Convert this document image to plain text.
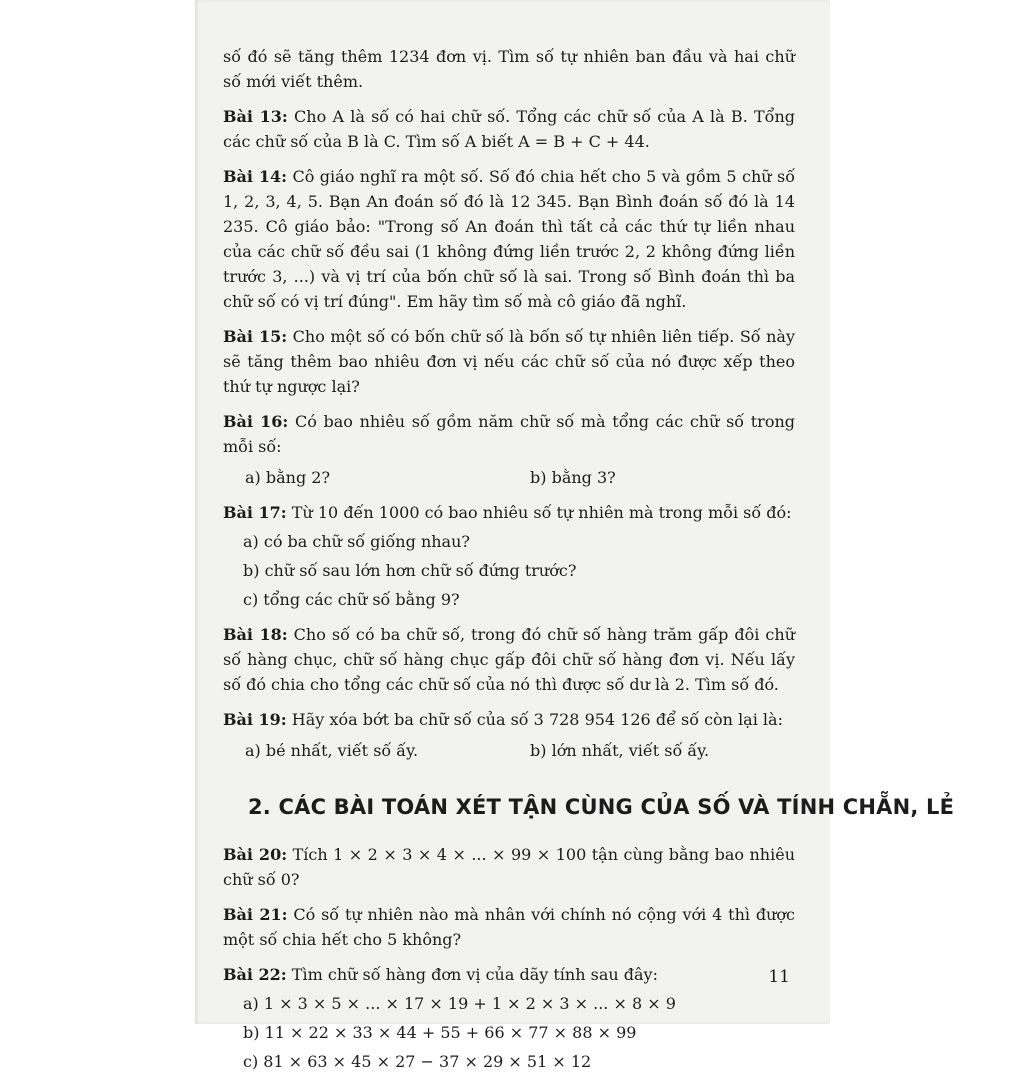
số đó sẽ tăng thêm 1234 đơn vị. Tìm số tự nhiên ban đầu và hai chữ số mới viết thêm.

Bài 13: Cho A là số có hai chữ số. Tổng các chữ số của A là B. Tổng các chữ số của B là C. Tìm số A biết A = B + C + 44.

Bài 14: Cô giáo nghĩ ra một số. Số đó chia hết cho 5 và gồm 5 chữ số 1, 2, 3, 4, 5. Bạn An đoán số đó là 12 345. Bạn Bình đoán số đó là 14 235. Cô giáo bảo: "Trong số An đoán thì tất cả các thứ tự liền nhau của các chữ số đều sai (1 không đứng liền trước 2, 2 không đứng liền trước 3, ...) và vị trí của bốn chữ số là sai. Trong số Bình đoán thì ba chữ số có vị trí đúng". Em hãy tìm số mà cô giáo đã nghĩ.

Bài 15: Cho một số có bốn chữ số là bốn số tự nhiên liên tiếp. Số này sẽ tăng thêm bao nhiêu đơn vị nếu các chữ số của nó được xếp theo thứ tự ngược lại?

Bài 16: Có bao nhiêu số gồm năm chữ số mà tổng các chữ số trong mỗi số:

a) bằng 2?	b) bằng 3?

Bài 17: Từ 10 đến 1000 có bao nhiêu số tự nhiên mà trong mỗi số đó:

a) có ba chữ số giống nhau?
b) chữ số sau lớn hơn chữ số đứng trước?
c) tổng các chữ số bằng 9?

Bài 18: Cho số có ba chữ số, trong đó chữ số hàng trăm gấp đôi chữ số hàng chục, chữ số hàng chục gấp đôi chữ số hàng đơn vị. Nếu lấy số đó chia cho tổng các chữ số của nó thì được số dư là 2. Tìm số đó.

Bài 19: Hãy xóa bớt ba chữ số của số 3 728 954 126 để số còn lại là:

a) bé nhất, viết số ấy.	b) lớn nhất, viết số ấy.
2. CÁC BÀI TOÁN XÉT TẬN CÙNG CỦA SỐ VÀ TÍNH CHẴN, LẺ

Bài 20: Tích 1 × 2 × 3 × 4 × ... × 99 × 100 tận cùng bằng bao nhiêu chữ số 0?

Bài 21: Có số tự nhiên nào mà nhân với chính nó cộng với 4 thì được một số chia hết cho 5 không?

Bài 22: Tìm chữ số hàng đơn vị của dãy tính sau đây:

a) 1 × 3 × 5 × ... × 17 × 19 + 1 × 2 × 3 × ... × 8 × 9
b) 11 × 22 × 33 × 44 + 55 + 66 × 77 × 88 × 99
c) 81 × 63 × 45 × 27 − 37 × 29 × 51 × 12
11
